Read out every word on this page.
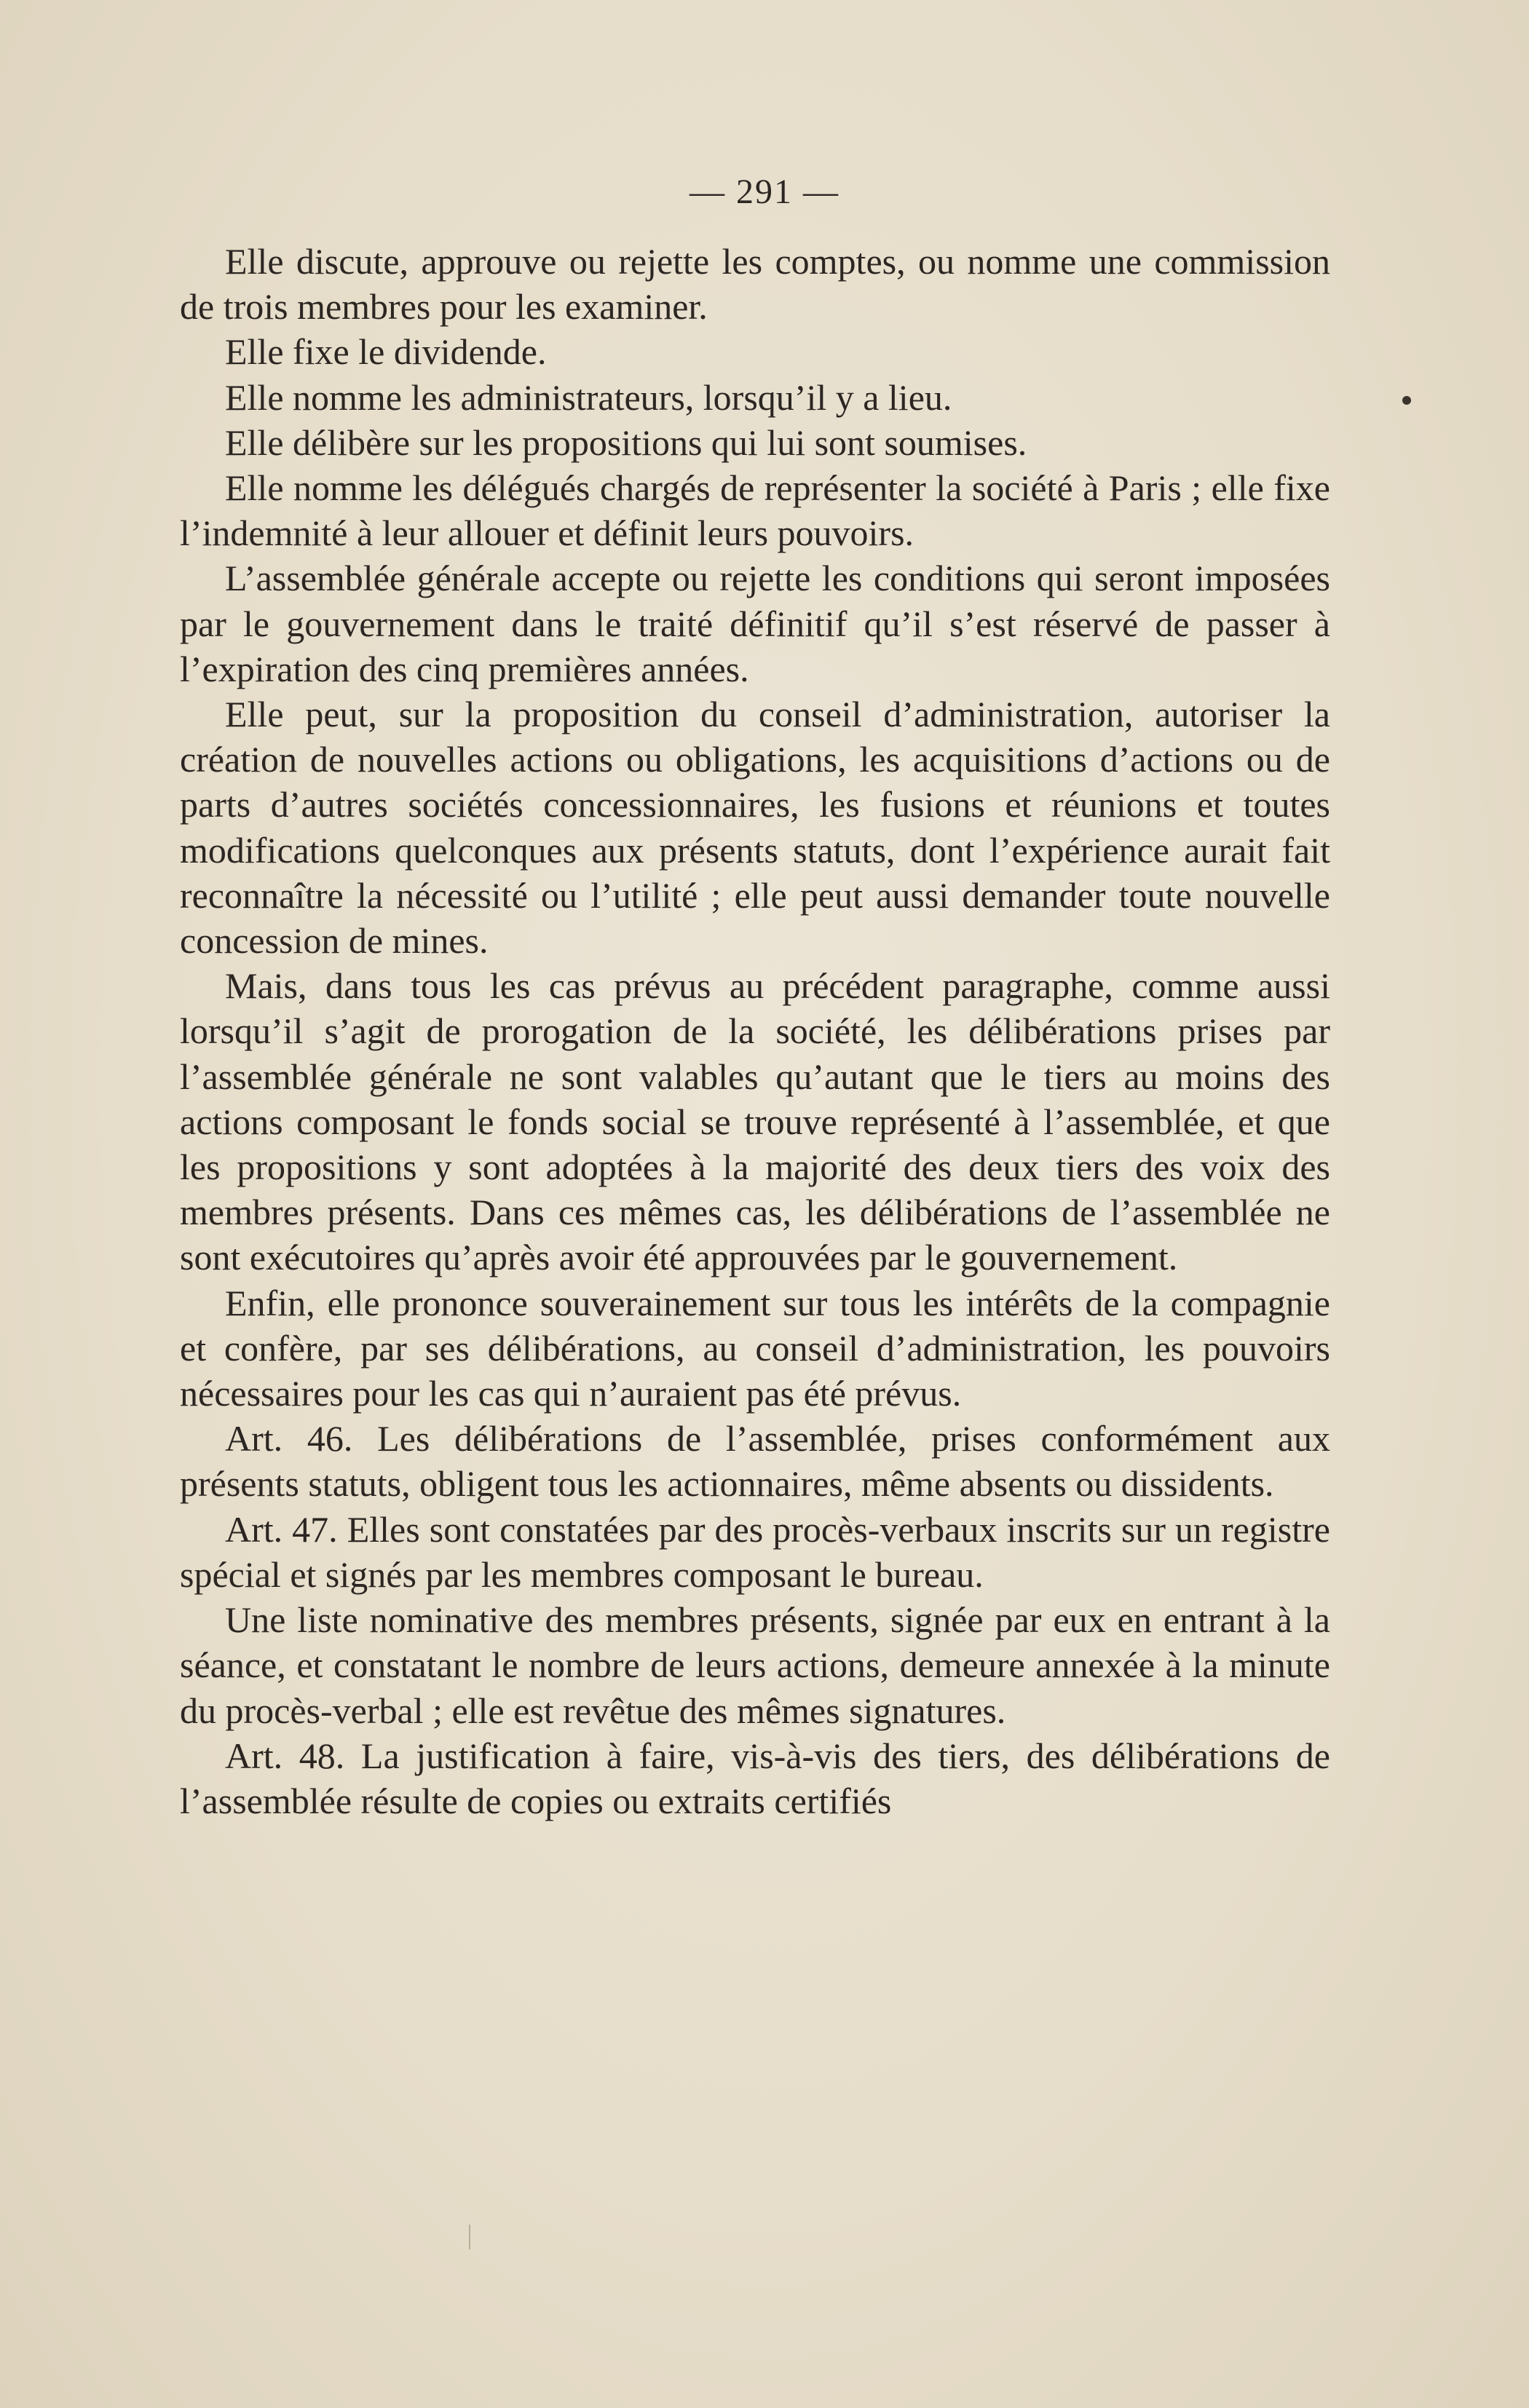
— 291 —

Elle discute, approuve ou rejette les comptes, ou nomme une commission de trois membres pour les examiner.

Elle fixe le dividende.

Elle nomme les administrateurs, lorsqu’il y a lieu.

Elle délibère sur les propositions qui lui sont soumises.

Elle nomme les délégués chargés de représenter la société à Paris ; elle fixe l’indemnité à leur allouer et définit leurs pouvoirs.

L’assemblée générale accepte ou rejette les conditions qui seront imposées par le gouvernement dans le traité définitif qu’il s’est réservé de passer à l’expiration des cinq premières années.

Elle peut, sur la proposition du conseil d’administration, autoriser la création de nouvelles actions ou obligations, les acquisitions d’actions ou de parts d’autres sociétés concessionnaires, les fusions et réunions et toutes modifications quelconques aux présents statuts, dont l’expérience aurait fait reconnaître la nécessité ou l’utilité ; elle peut aussi demander toute nouvelle concession de mines.

Mais, dans tous les cas prévus au précédent paragraphe, comme aussi lorsqu’il s’agit de prorogation de la société, les délibérations prises par l’assemblée générale ne sont valables qu’autant que le tiers au moins des actions composant le fonds social se trouve représenté à l’assemblée, et que les propositions y sont adoptées à la majorité des deux tiers des voix des membres présents. Dans ces mêmes cas, les délibérations de l’assemblée ne sont exécutoires qu’après avoir été approuvées par le gouvernement.

Enfin, elle prononce souverainement sur tous les intérêts de la compagnie et confère, par ses délibérations, au conseil d’administration, les pouvoirs nécessaires pour les cas qui n’auraient pas été prévus.

Art. 46. Les délibérations de l’assemblée, prises conformément aux présents statuts, obligent tous les actionnaires, même absents ou dissidents.

Art. 47. Elles sont constatées par des procès-verbaux inscrits sur un registre spécial et signés par les membres composant le bureau.

Une liste nominative des membres présents, signée par eux en entrant à la séance, et constatant le nombre de leurs actions, demeure annexée à la minute du procès-verbal ; elle est revêtue des mêmes signatures.

Art. 48. La justification à faire, vis-à-vis des tiers, des délibérations de l’assemblée résulte de copies ou extraits certifiés
